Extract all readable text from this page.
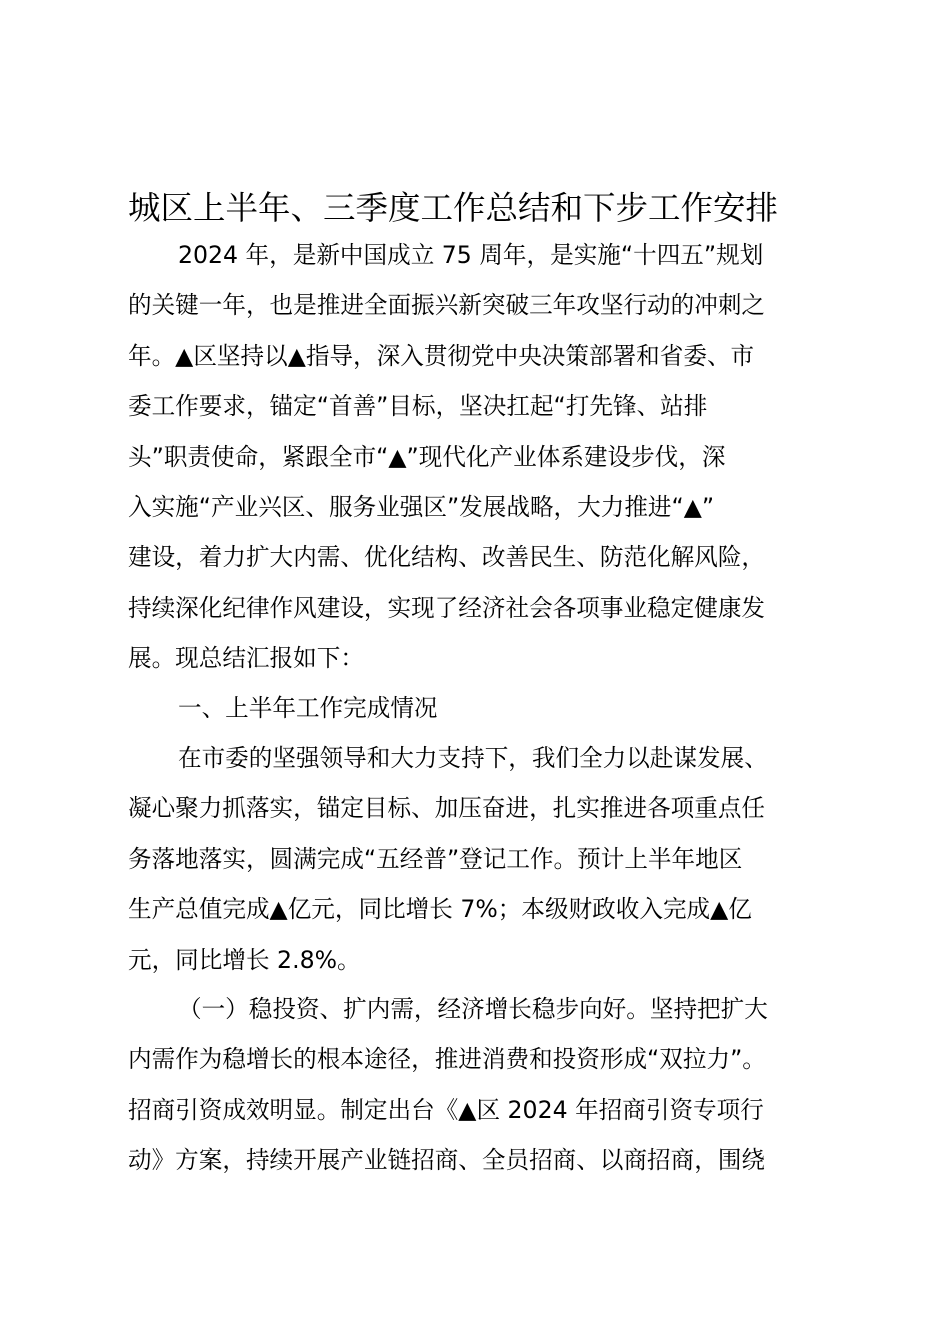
城区上半年、三季度工作总结和下步工作安排
2024 年，是新中国成立 75 周年，是实施“十四五”规划
的关键一年，也是推进全面振兴新突破三年攻坚行动的冲刺之
年。▲区坚持以▲指导，深入贯彻党中央决策部署和省委、市
委工作要求，锚定“首善”目标，坚决扛起“打先锋、站排
头”职责使命，紧跟全市“▲”现代化产业体系建设步伐，深
入实施“产业兴区、服务业强区”发展战略，大力推进“▲”
建设，着力扩大内需、优化结构、改善民生、防范化解风险，
持续深化纪律作风建设，实现了经济社会各项事业稳定健康发
展。现总结汇报如下：
一、上半年工作完成情况
在市委的坚强领导和大力支持下，我们全力以赴谋发展、
凝心聚力抓落实，锚定目标、加压奋进，扎实推进各项重点任
务落地落实，圆满完成“五经普”登记工作。预计上半年地区
生产总值完成▲亿元，同比增长 7%；本级财政收入完成▲亿
元，同比增长 2.8%。
（一）稳投资、扩内需，经济增长稳步向好。坚持把扩大
内需作为稳增长的根本途径，推进消费和投资形成“双拉力”。
招商引资成效明显。制定出台《▲区 2024 年招商引资专项行
动》方案，持续开展产业链招商、全员招商、以商招商，围绕
